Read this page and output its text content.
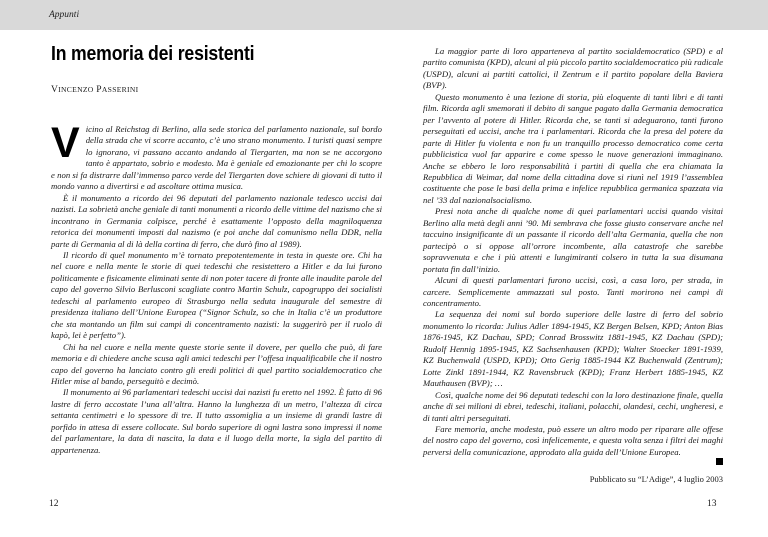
Appunti
In memoria dei resistenti
VINCENZO PASSERINI

Vicino al Reichstag di Berlino, alla sede storica del parlamento nazionale, sul bordo della strada che vi scorre accanto, c’è uno strano monumento. I turisti quasi sempre lo ignorano, vi passano accanto andando al Tiergarten, ma non se ne accorgono tanto è appartato, sobrio e modesto. Ma è geniale ed emozionante per chi lo scopre e non si fa distrarre dall’immenso parco verde del Tiergarten dove schiere di giovani di tutto il mondo vanno a divertirsi e ad ascoltare ottima musica.

È il monumento a ricordo dei 96 deputati del parlamento nazionale tedesco uccisi dai nazisti. La sobrietà anche geniale di tanti monumenti a ricordo delle vittime del nazismo che si incontrano in Germania colpisce, perché è esattamente l’opposto della magniloquenza retorica dei monumenti imposti dal nazismo (e poi anche dal comunismo nella DDR, nella parte di Germania al di là della cortina di ferro, che durò fino al 1989).

Il ricordo di quel monumento m’è tornato prepotentemente in testa in queste ore. Chi ha nel cuore e nella mente le storie di quei tedeschi che resistettero a Hitler e da lui furono politicamente e fisicamente eliminati sente di non poter tacere di fronte alle inaudite parole del capo del governo Silvio Berlusconi scagliate contro Martin Schulz, capogruppo dei socialisti tedeschi al parlamento europeo di Strasburgo nella seduta inaugurale del semestre di presidenza italiano dell’Unione Europea (“Signor Schulz, so che in Italia c’è un produttore che sta montando un film sui campi di concentramento nazisti: la suggerirò per il ruolo di kapò, lei è perfetto”).

Chi ha nel cuore e nella mente queste storie sente il dovere, per quello che può, di fare memoria e di chiedere anche scusa agli amici tedeschi per l’offesa inqualificabile che il nostro capo del governo ha lanciato contro gli eredi politici di quel partito socialdemocratico che Hitler mise al bando, perseguitò e decimò.

Il monumento ai 96 parlamentari tedeschi uccisi dai nazisti fu eretto nel 1992. È fatto di 96 lastre di ferro accostate l’una all’altra. Hanno la lunghezza di un metro, l’altezza di circa settanta centimetri e lo spessore di tre. Il tutto assomiglia a un insieme di grandi lastre di porfido in attesa di essere collocate. Sul bordo superiore di ogni lastra sono impressi il nome del parlamentare, la data di nascita, la data e il luogo della morte, la sigla del partito di appartenenza.

La maggior parte di loro apparteneva al partito socialdemocratico (SPD) e al partito comunista (KPD), alcuni al più piccolo partito socialdemocratico più radicale (USPD), alcuni ai partiti cattolici, il Zentrum e il partito popolare della Baviera (BVP).

Questo monumento è una lezione di storia, più eloquente di tanti libri e di tanti film. Ricorda agli smemorati il debito di sangue pagato dalla Germania democratica per l’avvento al potere di Hitler. Ricorda che, se tanti si adeguarono, tanti furono perseguitati ed uccisi, anche tra i parlamentari. Ricorda che la presa del potere da parte di Hitler fu violenta e non fu un tranquillo processo democratico come certa pubblicistica vuol far apparire e come spesso le nuove generazioni immaginano. Anche se ebbero le loro responsabilità i partiti di quella che era chiamata la Repubblica di Weimar, dal nome della cittadina dove si riunì nel 1919 l’assemblea costituente che pose le basi della prima e infelice repubblica germanica spazzata via nel ’33 dal nazionalsocialismo.

Presi nota anche di qualche nome di quei parlamentari uccisi quando visitai Berlino alla metà degli anni ’90. Mi sembrava che fosse giusto conservare anche nel taccuino insignificante di un passante il ricordo dell’alta Germania, quella che non partecipò o si oppose all’orrore incombente, alla catastrofe che sarebbe sopravvenuta e che i più attenti e lungimiranti colsero in tutta la sua disumana portata fin dall’inizio.

Alcuni di questi parlamentari furono uccisi, così, a casa loro, per strada, in carcere. Semplicemente ammazzati sul posto. Tanti morirono nei campi di concentramento.

La sequenza dei nomi sul bordo superiore delle lastre di ferro del sobrio monumento lo ricorda: Julius Adler 1894-1945, KZ Bergen Belsen, KPD; Anton Bias 1876-1945, KZ Dachau, SPD; Conrad Brosswitz 1881-1945, KZ Dachau (SPD); Rudolf Hennig 1895-1945, KZ Sachsenhausen (KPD); Walter Stoecker 1891-1939, KZ Buchenwald (USPD, KPD); Otto Gerig 1885-1944 KZ Buchenwald (Zentrum); Lotte Zinkl 1891-1944, KZ Ravensbruck (KPD); Franz Herbert 1885-1945, KZ Mauthausen (BVP); …

Così, qualche nome dei 96 deputati tedeschi con la loro destinazione finale, quella anche di sei milioni di ebrei, tedeschi, italiani, polacchi, olandesi, cechi, ungheresi, e di tanti altri perseguitati.

Fare memoria, anche modesta, può essere un altro modo per riparare alle offese del nostro capo del governo, così infelicemente, e questa volta senza i filtri dei maghi perversi della comunicazione, approdato alla guida dell’Unione Europea.

Pubblicato su “L’Adige”, 4 luglio 2003

12	13
